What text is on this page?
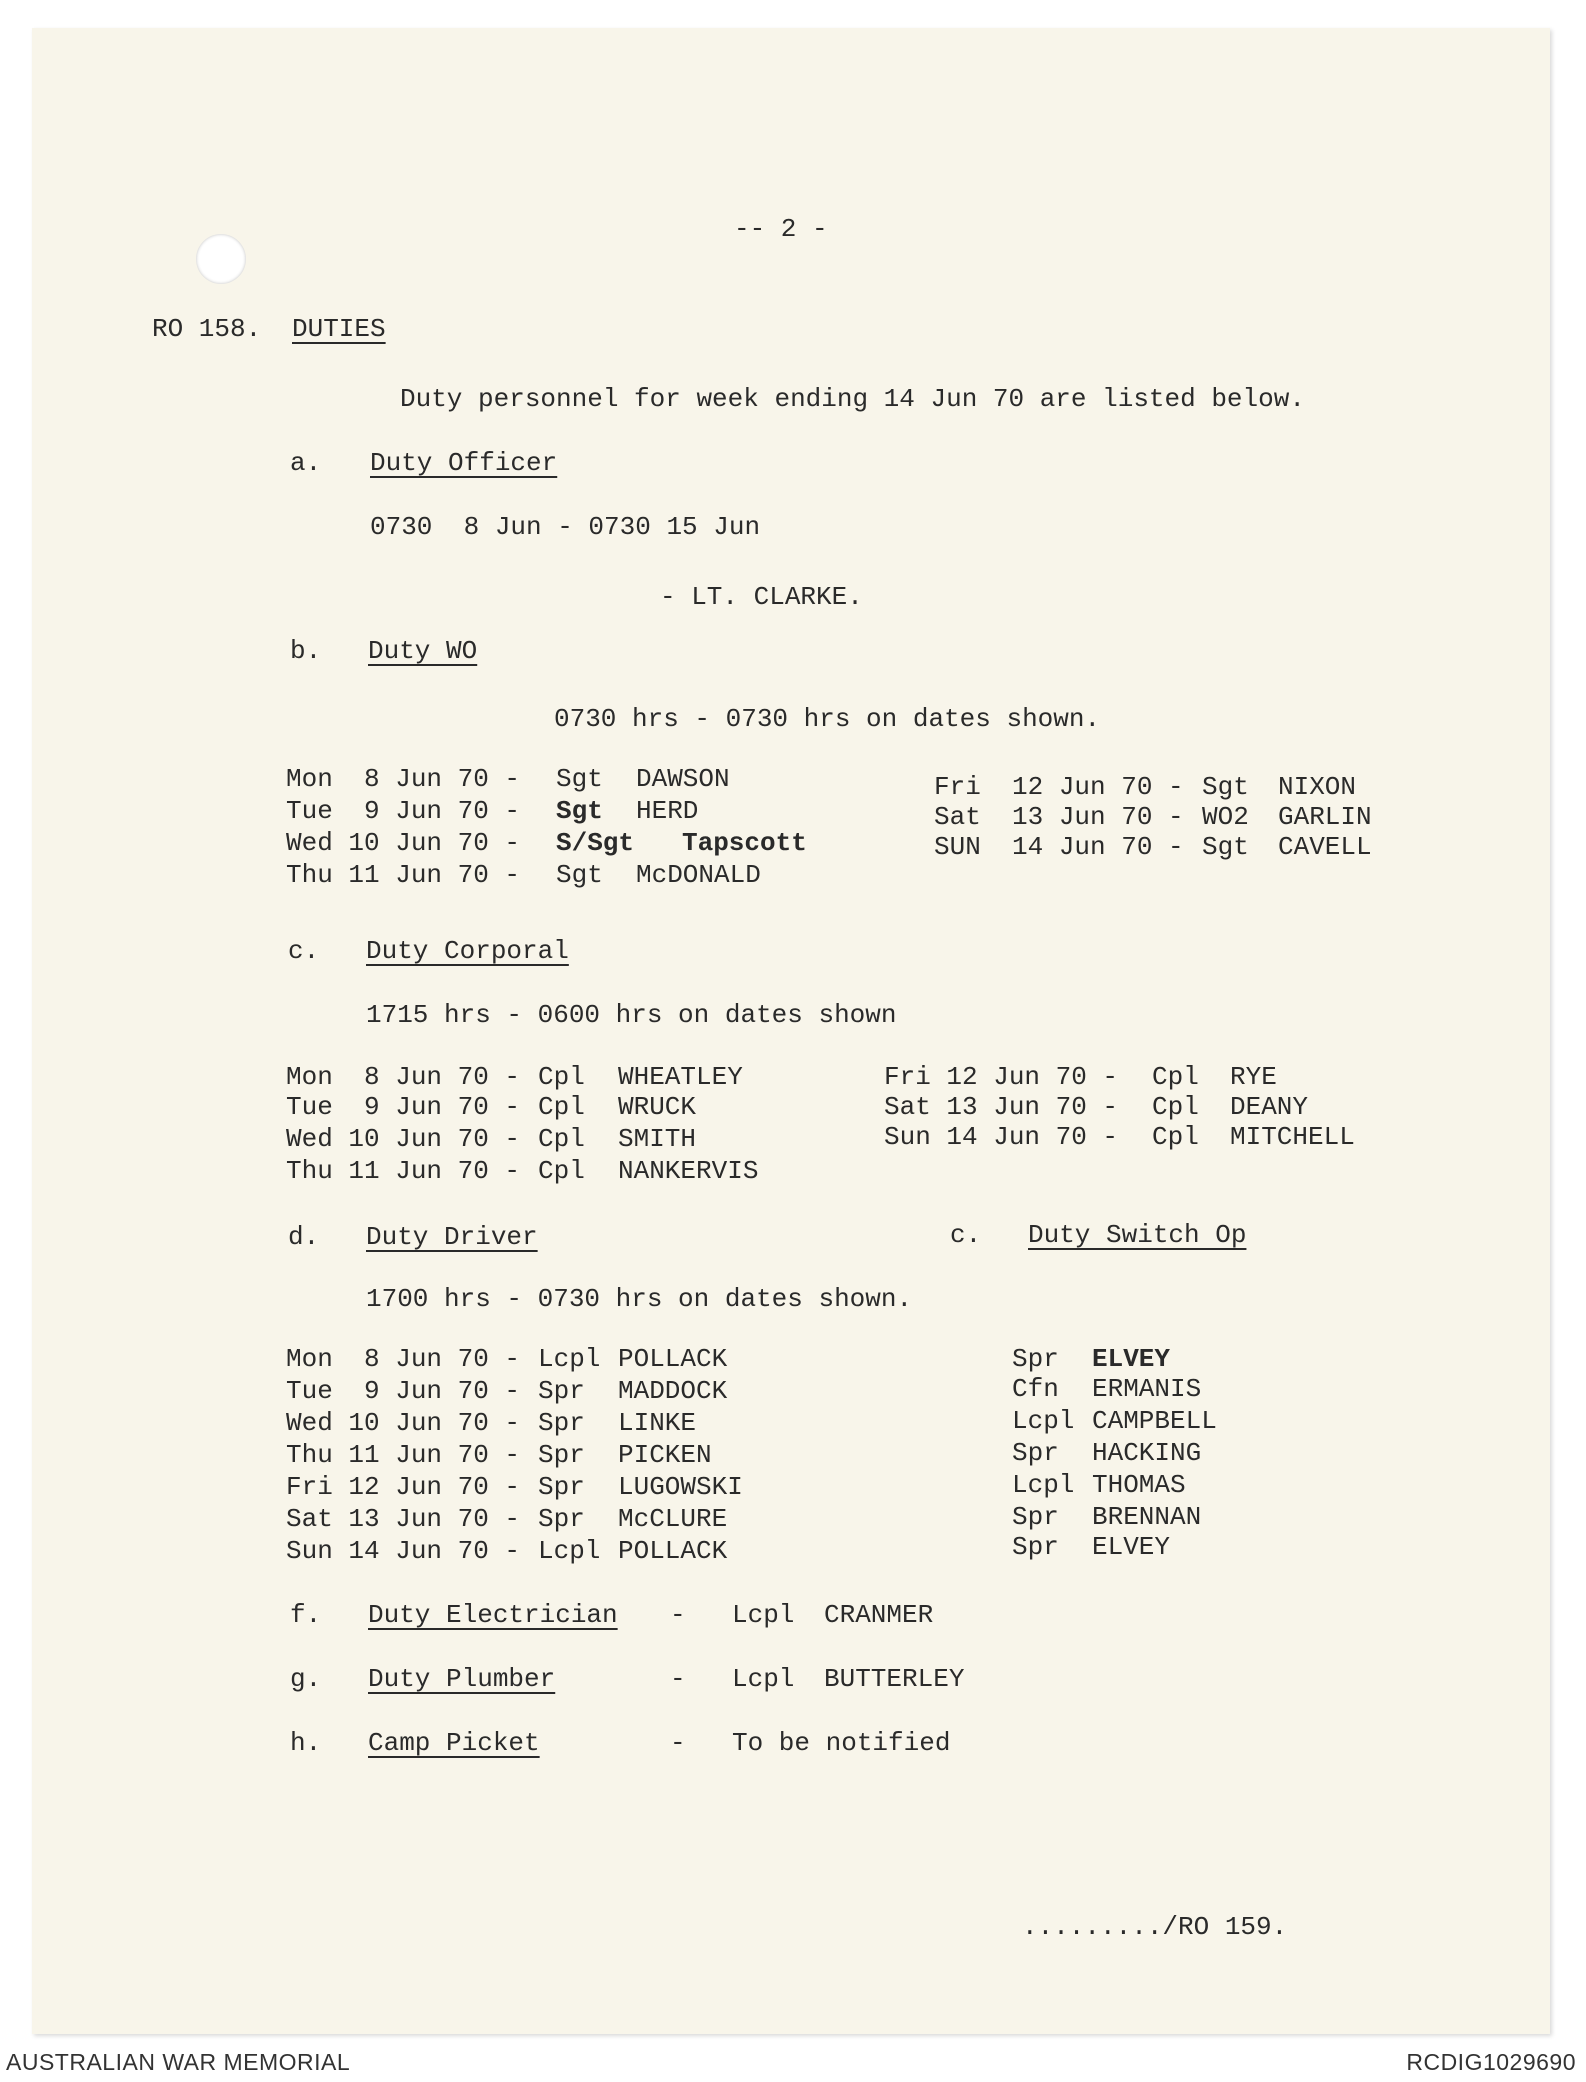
-- 2 -
RO 158. DUTIES
Duty personnel for week ending 14 Jun 70 are listed below.
a. Duty Officer
0730  8 Jun - 0730 15 Jun
- LT. CLARKE.
b. Duty WO
0730 hrs - 0730 hrs on dates shown.
Mon  8 Jun 70 - Sgt DAWSON
Tue  9 Jun 70 - Sgt HERD
Wed 10 Jun 70 - S/Sgt Tapscott
Thu 11 Jun 70 - Sgt McDONALD
Fri  12 Jun 70 - Sgt NIXON
Sat  13 Jun 70 - WO2 GARLIN
SUN  14 Jun 70 - Sgt CAVELL
c. Duty Corporal
1715 hrs - 0600 hrs on dates shown
Mon  8 Jun 70 - Cpl WHEATLEY
Tue  9 Jun 70 - Cpl WRUCK
Wed 10 Jun 70 - Cpl SMITH
Thu 11 Jun 70 - Cpl NANKERVIS
Fri 12 Jun 70 - Cpl RYE
Sat 13 Jun 70 - Cpl DEANY
Sun 14 Jun 70 - Cpl MITCHELL
d. Duty Driver	c. Duty Switch Op
1700 hrs - 0730 hrs on dates shown.
Mon  8 Jun 70 - Lcpl POLLACK
Tue  9 Jun 70 - Spr MADDOCK
Wed 10 Jun 70 - Spr LINKE
Thu 11 Jun 70 - Spr PICKEN
Fri 12 Jun 70 - Spr LUGOWSKI
Sat 13 Jun 70 - Spr McCLURE
Sun 14 Jun 70 - Lcpl POLLACK
Spr ELVEY
Cfn ERMANIS
Lcpl CAMPBELL
Spr HACKING
Lcpl THOMAS
Spr BRENNAN
Spr ELVEY
f. Duty Electrician - Lcpl CRANMER
g. Duty Plumber	- Lcpl BUTTERLEY
h. Camp Picket	- To be notified
........./RO 159.
AUSTRALIAN WAR MEMORIAL	RCDIG1029690
